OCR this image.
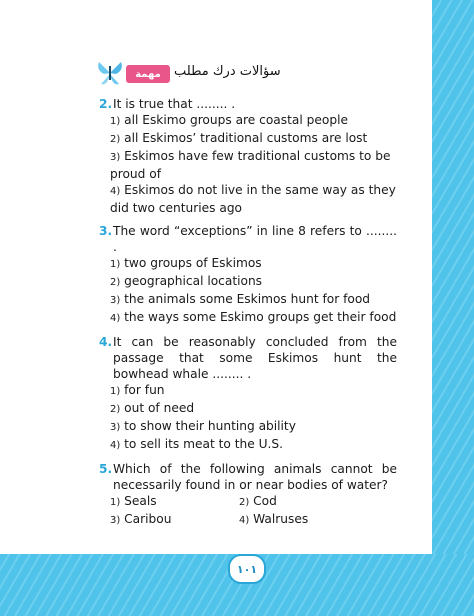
١٠١
مهمة	سؤالات درك مطلب
2. It is true that ........ .
1) all Eskimo groups are coastal people
2) all Eskimos’ traditional customs are lost
3) Eskimos have few traditional customs to be proud of
4) Eskimos do not live in the same way as they did two centuries ago
3. The word “exceptions” in line 8 refers to ........ .
1) two groups of Eskimos
2) geographical locations
3) the animals some Eskimos hunt for food
4) the ways some Eskimo groups get their food
4. It can be reasonably concluded from the passage that some Eskimos hunt the bowhead whale ........ .
1) for fun
2) out of need
3) to show their hunting ability
4) to sell its meat to the U.S.
5. Which of the following animals cannot be necessarily found in or near bodies of water?
1) Seals	2) Cod
3) Caribou	4) Walruses
